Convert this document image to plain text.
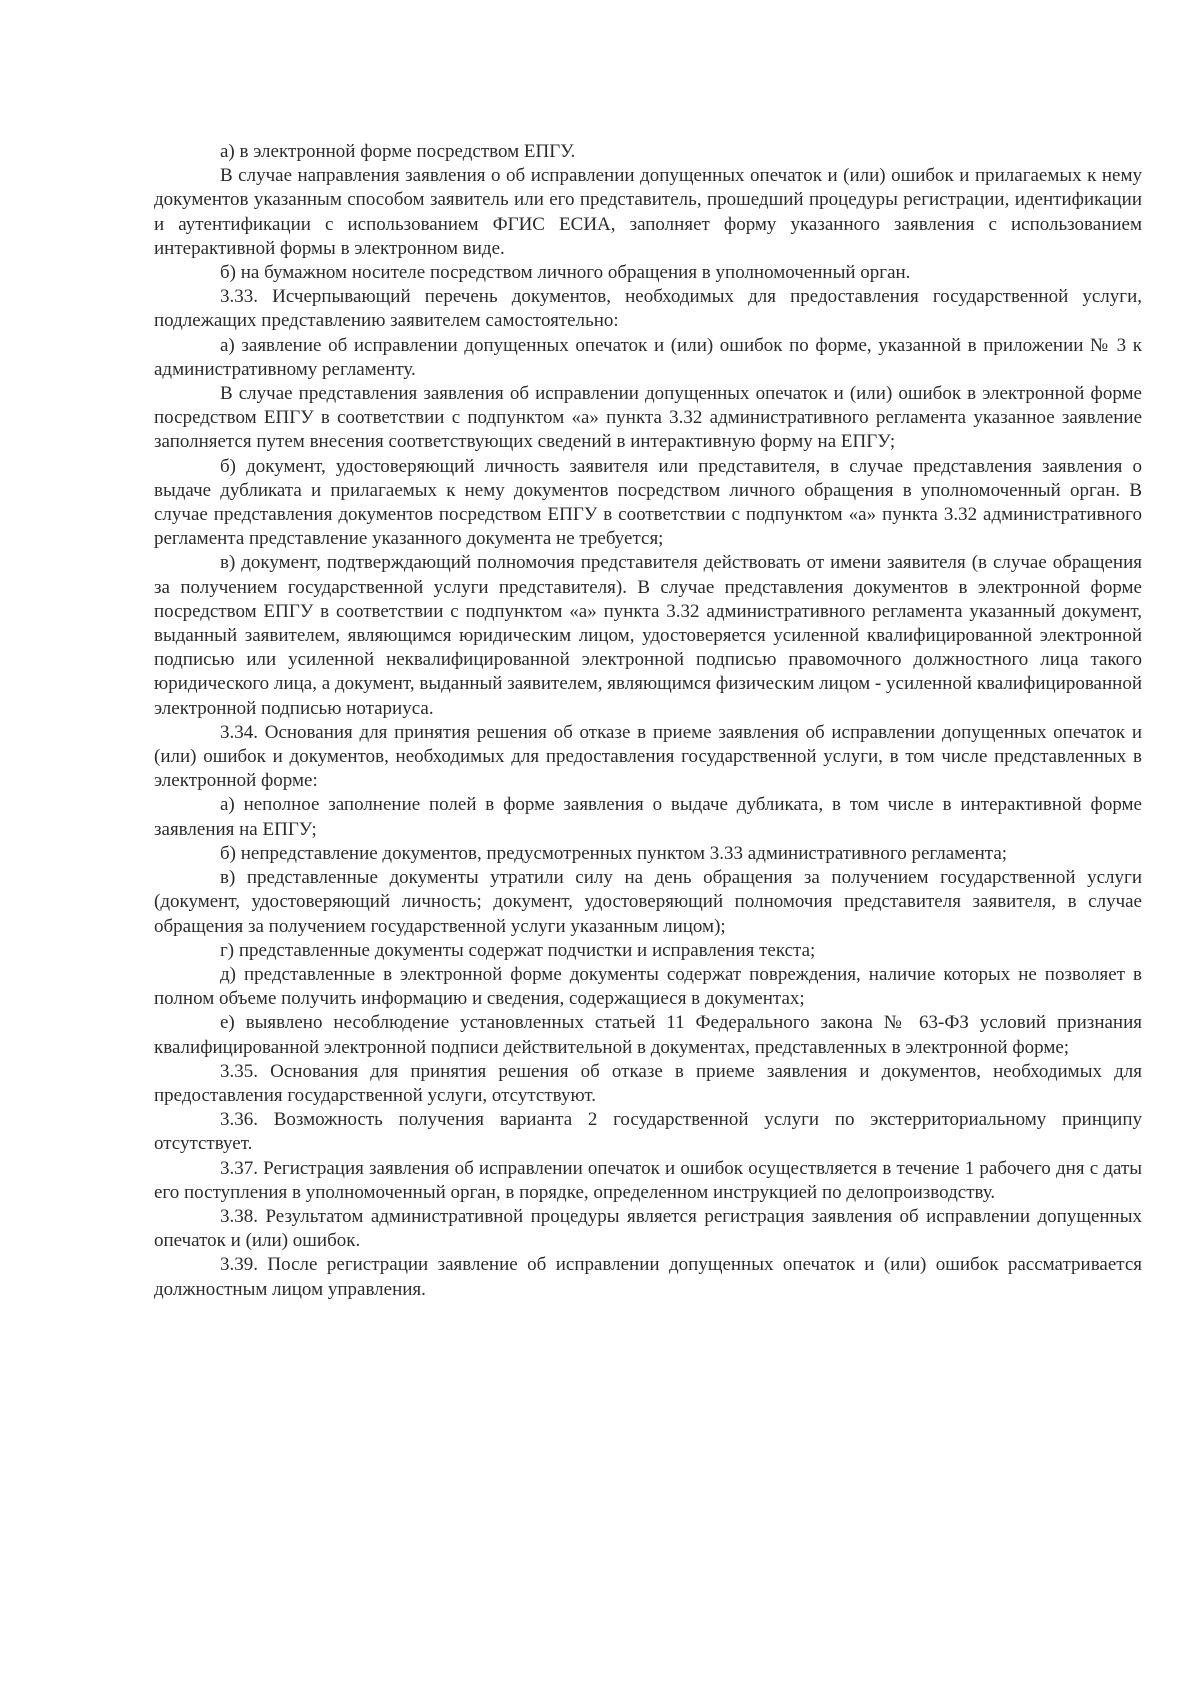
а) в электронной форме посредством ЕПГУ.

В случае направления заявления о об исправлении допущенных опечаток и (или) ошибок и прилагаемых к нему документов указанным способом заявитель или его представитель, прошедший процедуры регистрации, идентификации и аутентификации с использованием ФГИС ЕСИА, заполняет форму указанного заявления с использованием интерактивной формы в электронном виде.

б) на бумажном носителе посредством личного обращения в уполномоченный орган.

3.33. Исчерпывающий перечень документов, необходимых для предоставления государственной услуги, подлежащих представлению заявителем самостоятельно:

а) заявление об исправлении допущенных опечаток и (или) ошибок по форме, указанной в приложении № 3 к административному регламенту.

В случае представления заявления об исправлении допущенных опечаток и (или) ошибок в электронной форме посредством ЕПГУ в соответствии с подпунктом «а» пункта 3.32 административного регламента указанное заявление заполняется путем внесения соответствующих сведений в интерактивную форму на ЕПГУ;

б) документ, удостоверяющий личность заявителя или представителя, в случае представления заявления о выдаче дубликата и прилагаемых к нему документов посредством личного обращения в уполномоченный орган. В случае представления документов посредством ЕПГУ в соответствии с подпунктом «а» пункта 3.32 административного регламента представление указанного документа не требуется;

в) документ, подтверждающий полномочия представителя действовать от имени заявителя (в случае обращения за получением государственной услуги представителя). В случае представления документов в электронной форме посредством ЕПГУ в соответствии с подпунктом «а» пункта 3.32 административного регламента указанный документ, выданный заявителем, являющимся юридическим лицом, удостоверяется усиленной квалифицированной электронной подписью или усиленной неквалифицированной электронной подписью правомочного должностного лица такого юридического лица, а документ, выданный заявителем, являющимся физическим лицом - усиленной квалифицированной электронной подписью нотариуса.

3.34. Основания для принятия решения об отказе в приеме заявления об исправлении допущенных опечаток и (или) ошибок и документов, необходимых для предоставления государственной услуги, в том числе представленных в электронной форме:

а) неполное заполнение полей в форме заявления о выдаче дубликата, в том числе в интерактивной форме заявления на ЕПГУ;

б) непредставление документов, предусмотренных пунктом 3.33 административного регламента;

в) представленные документы утратили силу на день обращения за получением государственной услуги (документ, удостоверяющий личность; документ, удостоверяющий полномочия представителя заявителя, в случае обращения за получением государственной услуги указанным лицом);

г) представленные документы содержат подчистки и исправления текста;

д) представленные в электронной форме документы содержат повреждения, наличие которых не позволяет в полном объеме получить информацию и сведения, содержащиеся в документах;

е) выявлено несоблюдение установленных статьей 11 Федерального закона № 63-ФЗ условий признания квалифицированной электронной подписи действительной в документах, представленных в электронной форме;

3.35. Основания для принятия решения об отказе в приеме заявления и документов, необходимых для предоставления государственной услуги, отсутствуют.

3.36. Возможность получения варианта 2 государственной услуги по экстерриториальному принципу отсутствует.

3.37. Регистрация заявления об исправлении опечаток и ошибок осуществляется в течение 1 рабочего дня с даты его поступления в уполномоченный орган, в порядке, определенном инструкцией по делопроизводству.

3.38. Результатом административной процедуры является регистрация заявления об исправлении допущенных опечаток и (или) ошибок.

3.39. После регистрации заявление об исправлении допущенных опечаток и (или) ошибок рассматривается должностным лицом управления.
